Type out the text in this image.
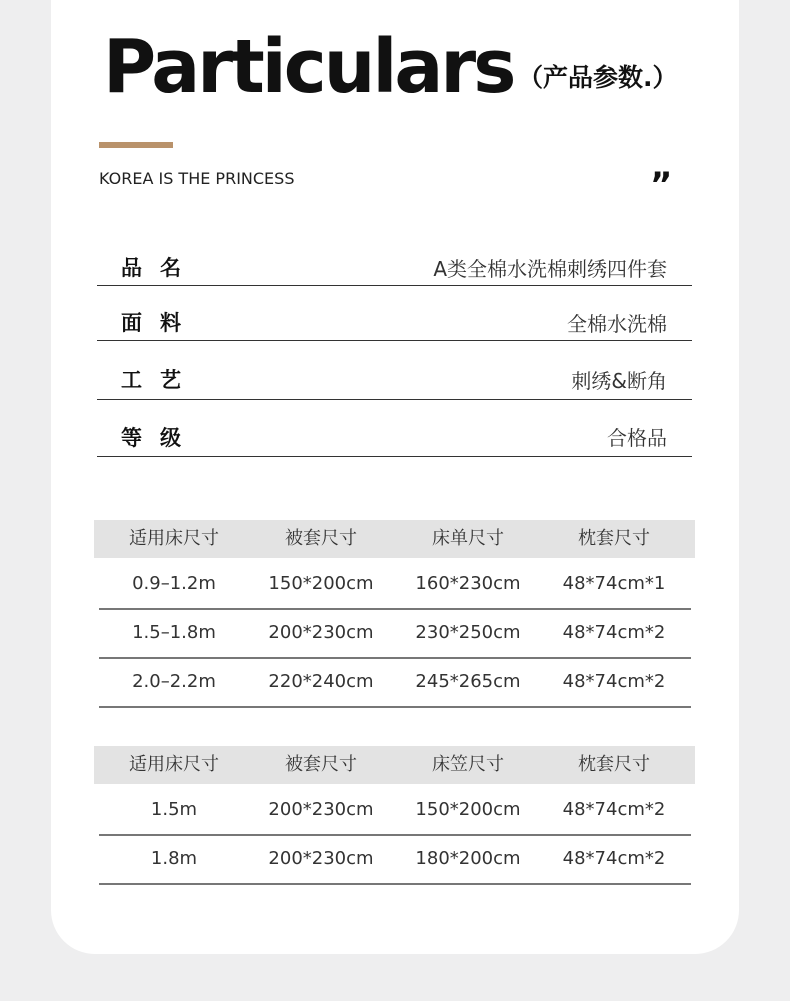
Particulars （产品参数.）
KOREA IS THE PRINCESS	”
品名	A类全棉水洗棉刺绣四件套
面料	全棉水洗棉
工艺	刺绣&断角
等级	合格品
适用床尺寸	被套尺寸	床单尺寸	枕套尺寸
0.9–1.2m	150*200cm	160*230cm	48*74cm*1
1.5–1.8m	200*230cm	230*250cm	48*74cm*2
2.0–2.2m	220*240cm	245*265cm	48*74cm*2
适用床尺寸	被套尺寸	床笠尺寸	枕套尺寸
1.5m	200*230cm	150*200cm	48*74cm*2
1.8m	200*230cm	180*200cm	48*74cm*2
